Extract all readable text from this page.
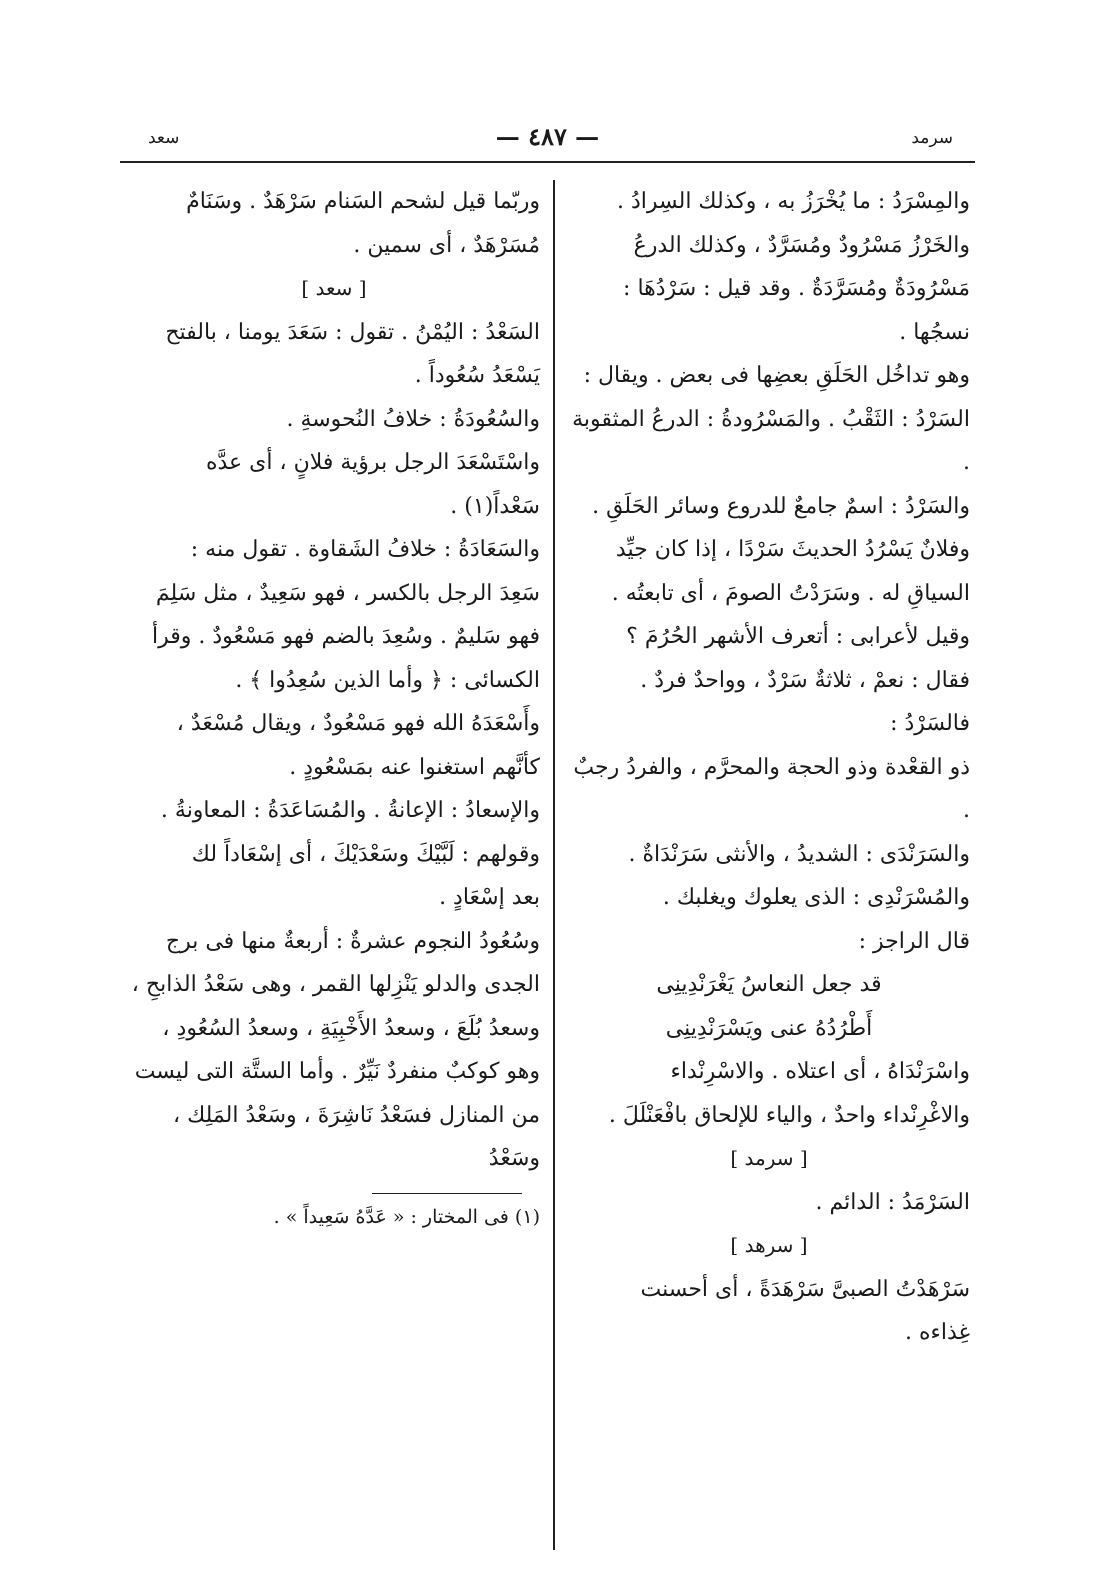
سرمد
— ٤٨٧ —
سعد

والمِسْرَدُ : ما يُخْرَزُ به ، وكذلك السِرادُ .

والخَرْزُ مَسْرُودٌ ومُسَرَّدٌ ، وكذلك الدرعُ

مَسْرُودَةٌ ومُسَرَّدَةٌ . وقد قيل : سَرْدُهَا : نسجُها .

وهو تداخُل الحَلَقِ بعضِها فى بعض . ويقال :

السَرْدُ : الثَقْبُ . والمَسْرُودةُ : الدرعُ المثقوبة .

والسَرْدُ : اسمٌ جامعٌ للدروع وسائر الحَلَقِ .

وفلانٌ يَسْرُدُ الحديثَ سَرْدًا ، إذا كان جيِّد

السياقِ له . وسَرَدْتُ الصومَ ، أى تابعتُه .

وقيل لأعرابى : أتعرف الأشهر الحُرُمَ ؟

فقال : نعمْ ، ثلاثةٌ سَرْدٌ ، وواحدٌ فردٌ . فالسَرْدُ :

ذو القعْدة وذو الحجة والمحرَّم ، والفردُ رجبٌ .

والسَرَنْدَى : الشديدُ ، والأنثى سَرَنْدَاةٌ .

والمُسْرَنْدِى : الذى يعلوك ويغلبك .

قال الراجز :

قد جعل النعاسُ يَغْرَنْدِينِى

أَطْرُدُهُ عنى ويَسْرَنْدِينِى

واسْرَنْدَاهُ ، أى اعتلاه . والاسْرِنْداء

والاغْرِنْداء واحدٌ ، والياء للإلحاق بافْعَنْلَلَ .

[ سرمد ]

السَرْمَدُ : الدائم .

[ سرهد ]

سَرْهَدْتُ الصبىَّ سَرْهَدَةً ، أى أحسنت

غِذاءه .

وربّما قيل لشحم السَنام سَرْهَدٌ . وسَنَامٌ

مُسَرْهَدٌ ، أى سمين .

[ سعد ]

السَعْدُ : اليُمْنُ . تقول : سَعَدَ يومنا ، بالفتح

يَسْعَدُ سُعُوداً .

والسُعُودَةُ : خلافُ النُحوسةِ .

واسْتَسْعَدَ الرجل برؤية فلانٍ ، أى عدَّه

سَعْداً(١) .

والسَعَادَةُ : خلافُ الشَقاوة . تقول منه :

سَعِدَ الرجل بالكسر ، فهو سَعِيدٌ ، مثل سَلِمَ

فهو سَليمٌ . وسُعِدَ بالضم فهو مَسْعُودٌ . وقرأ

الكسائى : ﴿ وأما الذين سُعِدُوا ﴾ .

وأَسْعَدَهُ الله فهو مَسْعُودٌ ، ويقال مُسْعَدٌ ،

كأنَّهم استغنوا عنه بمَسْعُودٍ .

والإسعادُ : الإعانةُ . والمُسَاعَدَةُ : المعاونةُ .

وقولهم : لَبَّيْكَ وسَعْدَيْكَ ، أى إسْعَاداً لك

بعد إسْعَادٍ .

وسُعُودُ النجوم عشرةٌ : أربعةٌ منها فى برج

الجدى والدلو يَنْزِلها القمر ، وهى سَعْدُ الذابحِ ،

وسعدُ بُلَعَ ، وسعدُ الأَخْبِيَةِ ، وسعدُ السُعُودِ ،

وهو كوكبٌ منفردٌ نَيِّرٌ . وأما الستَّة التى ليست

من المنازل فسَعْدُ نَاشِرَةَ ، وسَعْدُ المَلِك ، وسَعْدُ

(١) فى المختار : « عَدَّهُ سَعِيداً » .
